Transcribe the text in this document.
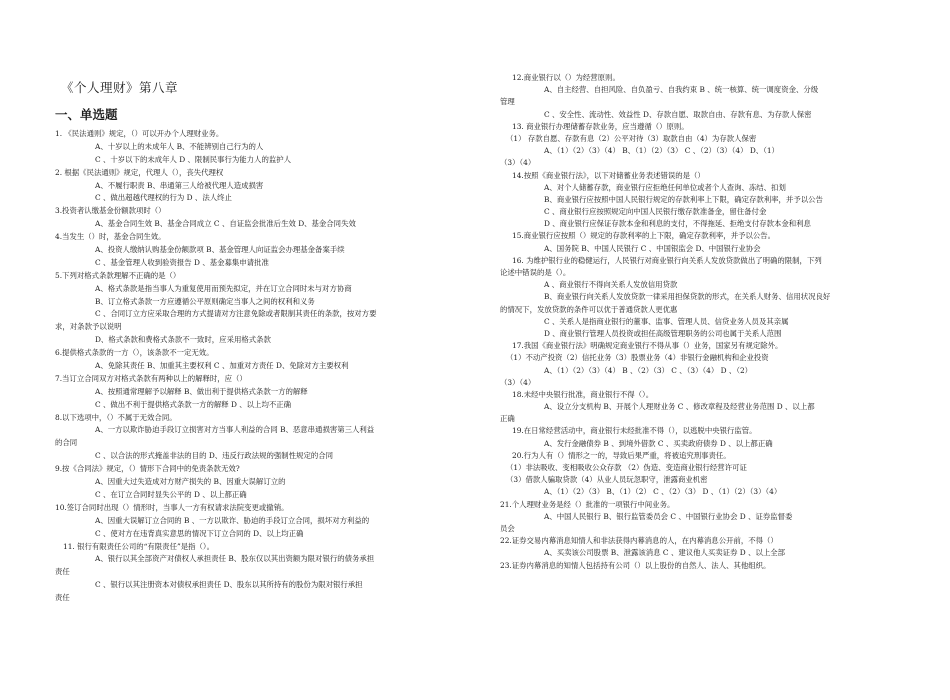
《个人理财》第八章
一、单选题
1. 《民法通则》规定，（）可以开办个人理财业务。
A、十岁以上的未成年人 B、不能辨别自己行为的人
C 、十岁以下的未成年人 D 、限制民事行为能力人的监护人
2. 根据《民法通则》规定，代理人（），丧失代理权
A、不履行职责 B、串通第三人给被代理人造成损害
C 、做出超越代理权的行为 D 、法人终止
3.投资者认缴基金份额款项时（）
A、基金合同生效 B、基金合同成立 C 、自证监会批准后生效 D、基金合同失效
4.当发生（）时，基金合同生效。
A、投资人缴纳认购基金份额款项 B、基金管理人向证监会办理基金备案手续
C 、基金管理人收到验资报告 D 、基金募集申请批准
5.下列对格式条款理解不正确的是（）
A、格式条款是指当事人为重复使用而预先拟定，并在订立合同时未与对方协商
B、订立格式条款一方应遵循公平原则确定当事人之间的权利和义务
C 、合同订立方应采取合理的方式提请对方注意免除或者限制其责任的条款，按对方要
求，对条款予以说明
D、格式条款和费格式条款不一致时，应采用格式条款
6.提供格式条款的一方（），该条款不一定无效。
A、免除其责任 B、加重其主要权利 C 、加重对方责任 D、免除对方主要权利
7.当订立合同双方对格式条款有两种以上的解释时，应（）
A、按照通常理解予以解释 B、做出利于提供格式条款一方的解释
C 、做出不利于提供格式条款一方的解释 D 、以上均不正确
8.以下选项中，（）不属于无效合同。
A、一方以欺诈胁迫手段订立损害对方当事人利益的合同 B、恶意串通损害第三人利益
的合同
C 、以合法的形式掩盖非法的目的 D、违反行政法规的强制性规定的合同
9.按《合同法》规定，（）情形下合同中的免责条款无效?
A、因重大过失造成对方财产损失的 B、因重大误解订立的
C 、在订立合同时显失公平的 D 、以上都正确
10.签订合同时出现（）情形时，当事人一方有权请求法院变更或撤销。
A、因重大误解订立合同的 B 、一方以欺诈、胁迫的手段订立合同，损坏对方利益的
C 、使对方在违背真实意思的情况下订立合同的 D、以上均正确
11. 银行有限责任公司的“有限责任”是指（）。
A、银行以其全部资产对债权人承担责任 B、股东仅以其出资额为限对银行的债务承担
责任
C 、银行以其注册资本对债权承担责任 D、股东以其所持有的股份为限对银行承担
责任
12.商业银行以（）为经营原则。
A、自主经营、自担风险、自负盈亏、自我约束 B 、统一核算、统一调度资金、分级
管理
C 、安全性、流动性、效益性 D、存款自愿、取款自由、存款有息、为存款人保密
13. 商业银行办理储蓄存款业务，应当遵循（）原则。
（1） 存款自愿、存款有息（2）公平对待（3）取款自由（4）为存款人保密
A、（1）（2）（3）（4） B、（1）（2）（3） C 、（2）（3）（4） D、（1）
（3）（4）
14.按照《商业银行法》，以下对储蓄业务表述错误的是（）
A、对个人储蓄存款，商业银行应拒绝任何单位或者个人查询、冻结、扣划
B、商业银行应按照中国人民银行规定的存款利率上下限，确定存款利率，并予以公告
C 、商业银行应按照规定向中国人民银行缴存款准备金，留住备付金
D 、商业银行应保证存款本金和利息的支付，不得拖延、拒绝支付存款本金和利息
15.商业银行应按照（）规定的存款利率的上下限，确定存款利率，并予以公告。
A、国务院 B、中国人民银行 C 、中国银监会 D、中国银行业协会
16. 为维护银行业的稳健运行，人民银行对商业银行向关系人发放贷款做出了明确的限制，下列
论述中错误的是（）。
A 、商业银行不得向关系人发放信用贷款
B、商业银行向关系人发放贷款一律采用担保贷款的形式，在关系人财务、信用状况良好
的情况下，发放贷款的条件可以优于普通贷款人更优惠
C 、关系人是指商业银行的董事、监事、管理人员、信贷业务人员及其亲属
D 、商业银行管理人员投资或担任高级管理职务的公司也属于关系人范围
17.我国《商业银行法》明确规定商业银行不得从事（）业务，国家另有规定除外。
（1）不动产投资（2）信托业务（3）股票业务（4）非银行金融机构和企业投资
A、（1）（2）（3）（4） B 、（2）（3） C 、（3）（4） D 、（2）
（3）（4）
18.未经中央银行批准，商业银行不得（）。
A、设立分支机构 B、开展个人理财业务 C 、修改章程及经营业务范围 D 、以上都
正确
19.在日常经营活动中，商业银行未经批准不得（），以逃脱中央银行监管。
A、发行金融债券 B 、到境外借款 C 、买卖政府债券 D 、以上都正确
20.行为人有（）情形之一的，导致后果严重，将被追究刑事责任。
（1）非法吸收、变相吸收公众存款 （2）伪造、变造商业银行经营许可证
（3）借款人骗取贷款（4）从业人员玩忽职守，泄露商业机密
A、（1）（2）（3） B、（1）（2） C 、（2）（3） D 、（1）（2）（3）（4）
21.个人理财业务是经（）批准的一项银行中间业务。
A、中国人民银行 B、银行监管委员会 C 、中国银行业协会 D 、证券监督委
员会
22.证券交易内幕消息知情人和非法获得内幕消息的人，在内幕消息公开前，不得（）
A、买卖该公司股票 B、泄露该消息 C 、建议他人买卖证券 D 、以上全部
23.证券内幕消息的知情人包括持有公司（）以上股份的自然人、法人、其他组织。
